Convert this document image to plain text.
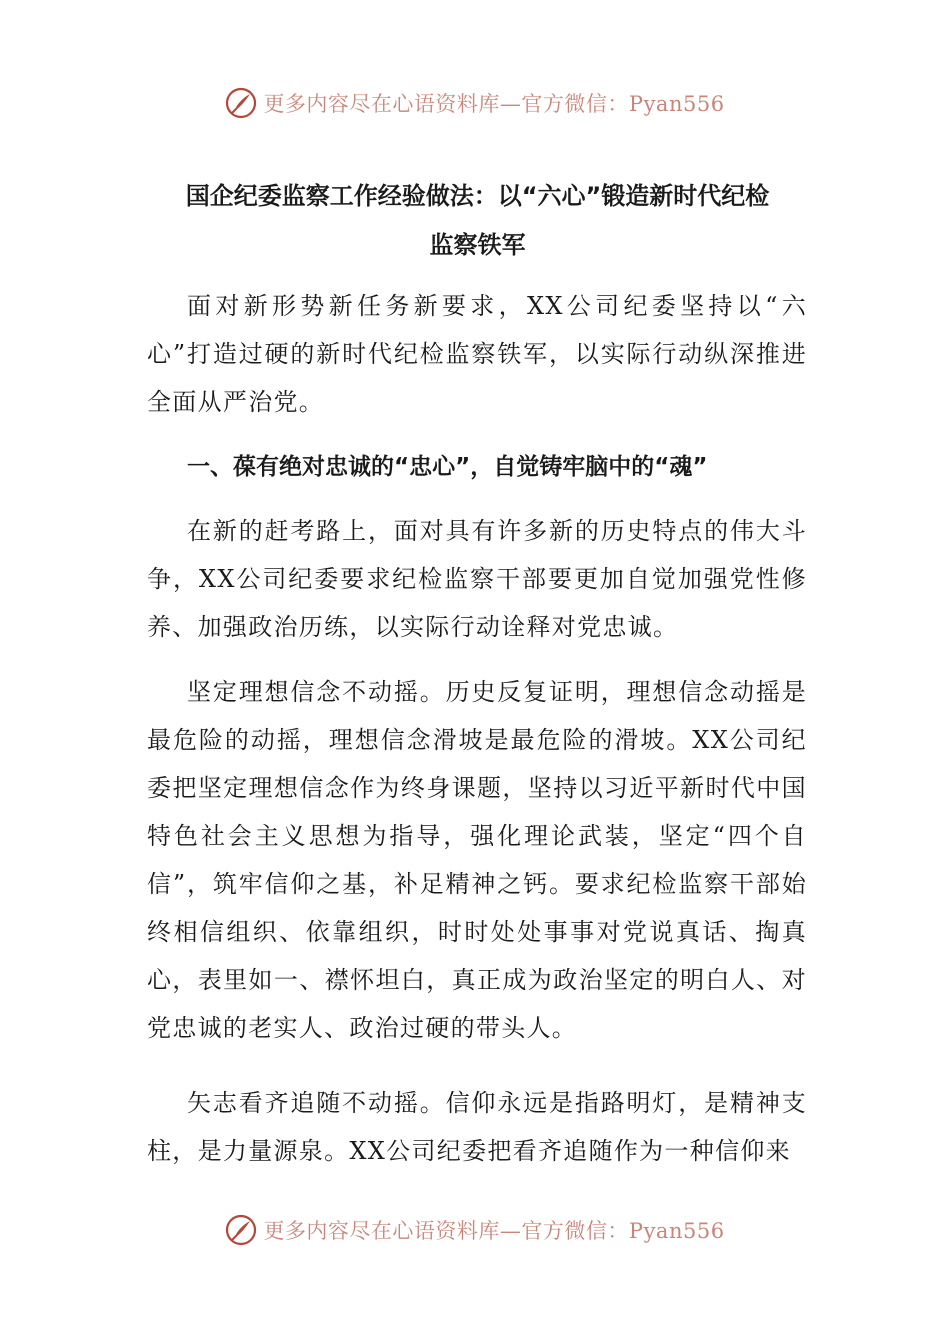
更多内容尽在心语资料库—官方微信：Pyan556
国企纪委监察工作经验做法：以“六心”锻造新时代纪检
监察铁军

面对新形势新任务新要求，XX公司纪委坚持以“六心”打造过硬的新时代纪检监察铁军，以实际行动纵深推进全面从严治党。

一、葆有绝对忠诚的“忠心”，自觉铸牢脑中的“魂”

在新的赶考路上，面对具有许多新的历史特点的伟大斗争，XX公司纪委要求纪检监察干部要更加自觉加强党性修养、加强政治历练，以实际行动诠释对党忠诚。

坚定理想信念不动摇。历史反复证明，理想信念动摇是最危险的动摇，理想信念滑坡是最危险的滑坡。XX公司纪委把坚定理想信念作为终身课题，坚持以习近平新时代中国特色社会主义思想为指导，强化理论武装，坚定“四个自信”，筑牢信仰之基，补足精神之钙。要求纪检监察干部始终相信组织、依靠组织，时时处处事事对党说真话、掏真心，表里如一、襟怀坦白，真正成为政治坚定的明白人、对党忠诚的老实人、政治过硬的带头人。

矢志看齐追随不动摇。信仰永远是指路明灯，是精神支柱，是力量源泉。XX公司纪委把看齐追随作为一种信仰来

更多内容尽在心语资料库—官方微信：Pyan556
